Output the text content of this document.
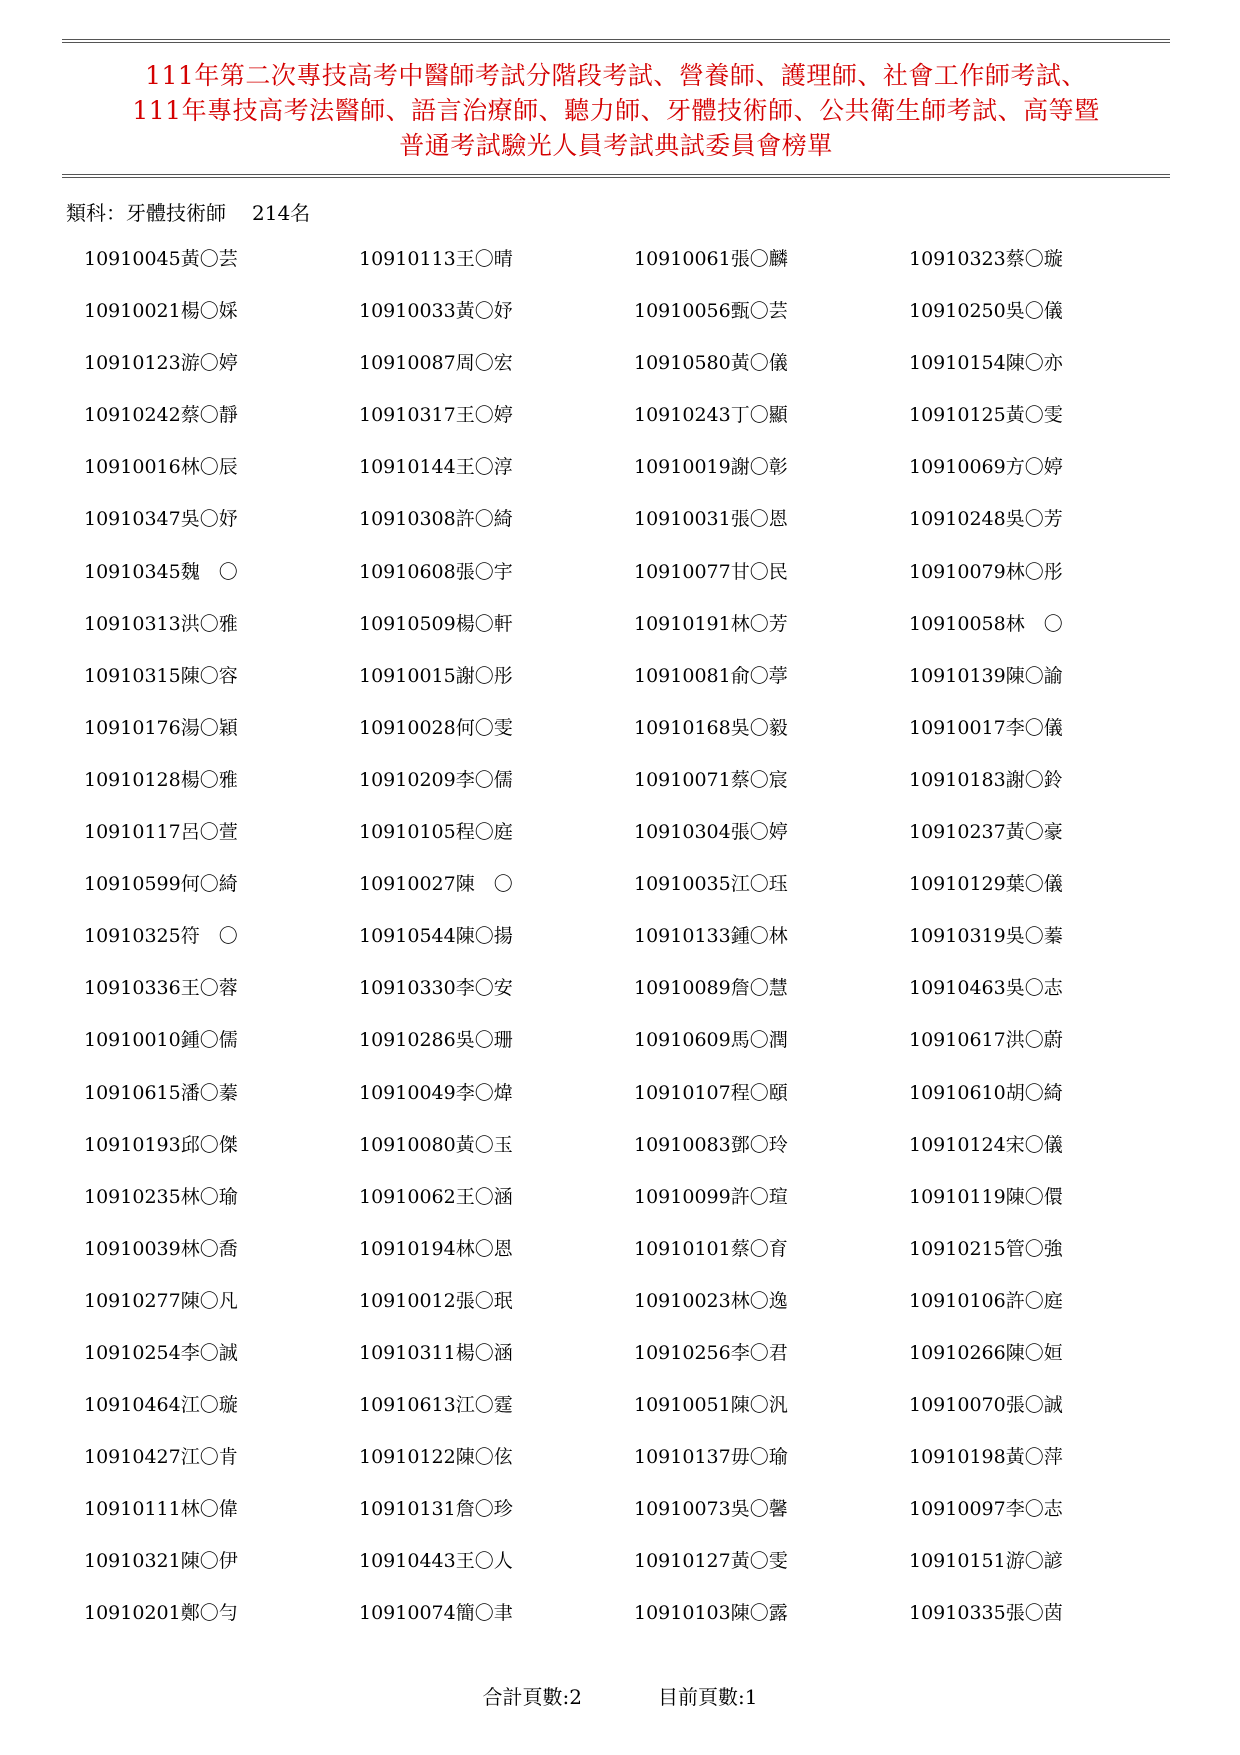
111年第二次專技高考中醫師考試分階段考試、營養師、護理師、社會工作師考試、
111年專技高考法醫師、語言治療師、聽力師、牙體技術師、公共衛生師考試、高等暨
普通考試驗光人員考試典試委員會榜單
類科：牙體技術師 214名
10910045黃〇芸	10910113王〇晴	10910061張〇麟	10910323蔡〇璇
10910021楊〇婇	10910033黃〇妤	10910056甄〇芸	10910250吳〇儀
10910123游〇婷	10910087周〇宏	10910580黃〇儀	10910154陳〇亦
10910242蔡〇靜	10910317王〇婷	10910243丁〇顯	10910125黃〇雯
10910016林〇辰	10910144王〇淳	10910019謝〇彰	10910069方〇婷
10910347吳〇妤	10910308許〇綺	10910031張〇恩	10910248吳〇芳
10910345魏　〇	10910608張〇宇	10910077甘〇民	10910079林〇彤
10910313洪〇雅	10910509楊〇軒	10910191林〇芳	10910058林　〇
10910315陳〇容	10910015謝〇彤	10910081俞〇葶	10910139陳〇諭
10910176湯〇穎	10910028何〇雯	10910168吳〇毅	10910017李〇儀
10910128楊〇雅	10910209李〇儒	10910071蔡〇宸	10910183謝〇鈴
10910117呂〇萱	10910105程〇庭	10910304張〇婷	10910237黃〇豪
10910599何〇綺	10910027陳　〇	10910035江〇珏	10910129葉〇儀
10910325符　〇	10910544陳〇揚	10910133鍾〇林	10910319吳〇蓁
10910336王〇蓉	10910330李〇安	10910089詹〇慧	10910463吳〇志
10910010鍾〇儒	10910286吳〇珊	10910609馬〇潤	10910617洪〇蔚
10910615潘〇蓁	10910049李〇煒	10910107程〇頤	10910610胡〇綺
10910193邱〇傑	10910080黃〇玉	10910083鄧〇玲	10910124宋〇儀
10910235林〇瑜	10910062王〇涵	10910099許〇瑄	10910119陳〇儇
10910039林〇喬	10910194林〇恩	10910101蔡〇育	10910215管〇強
10910277陳〇凡	10910012張〇珉	10910023林〇逸	10910106許〇庭
10910254李〇誠	10910311楊〇涵	10910256李〇君	10910266陳〇姮
10910464江〇璇	10910613江〇霆	10910051陳〇汎	10910070張〇誠
10910427江〇肯	10910122陳〇伭	10910137毋〇瑜	10910198黃〇萍
10910111林〇偉	10910131詹〇珍	10910073吳〇馨	10910097李〇志
10910321陳〇伊	10910443王〇人	10910127黃〇雯	10910151游〇諺
10910201鄭〇勻	10910074簡〇聿	10910103陳〇露	10910335張〇茵
合計頁數:2	目前頁數:1
